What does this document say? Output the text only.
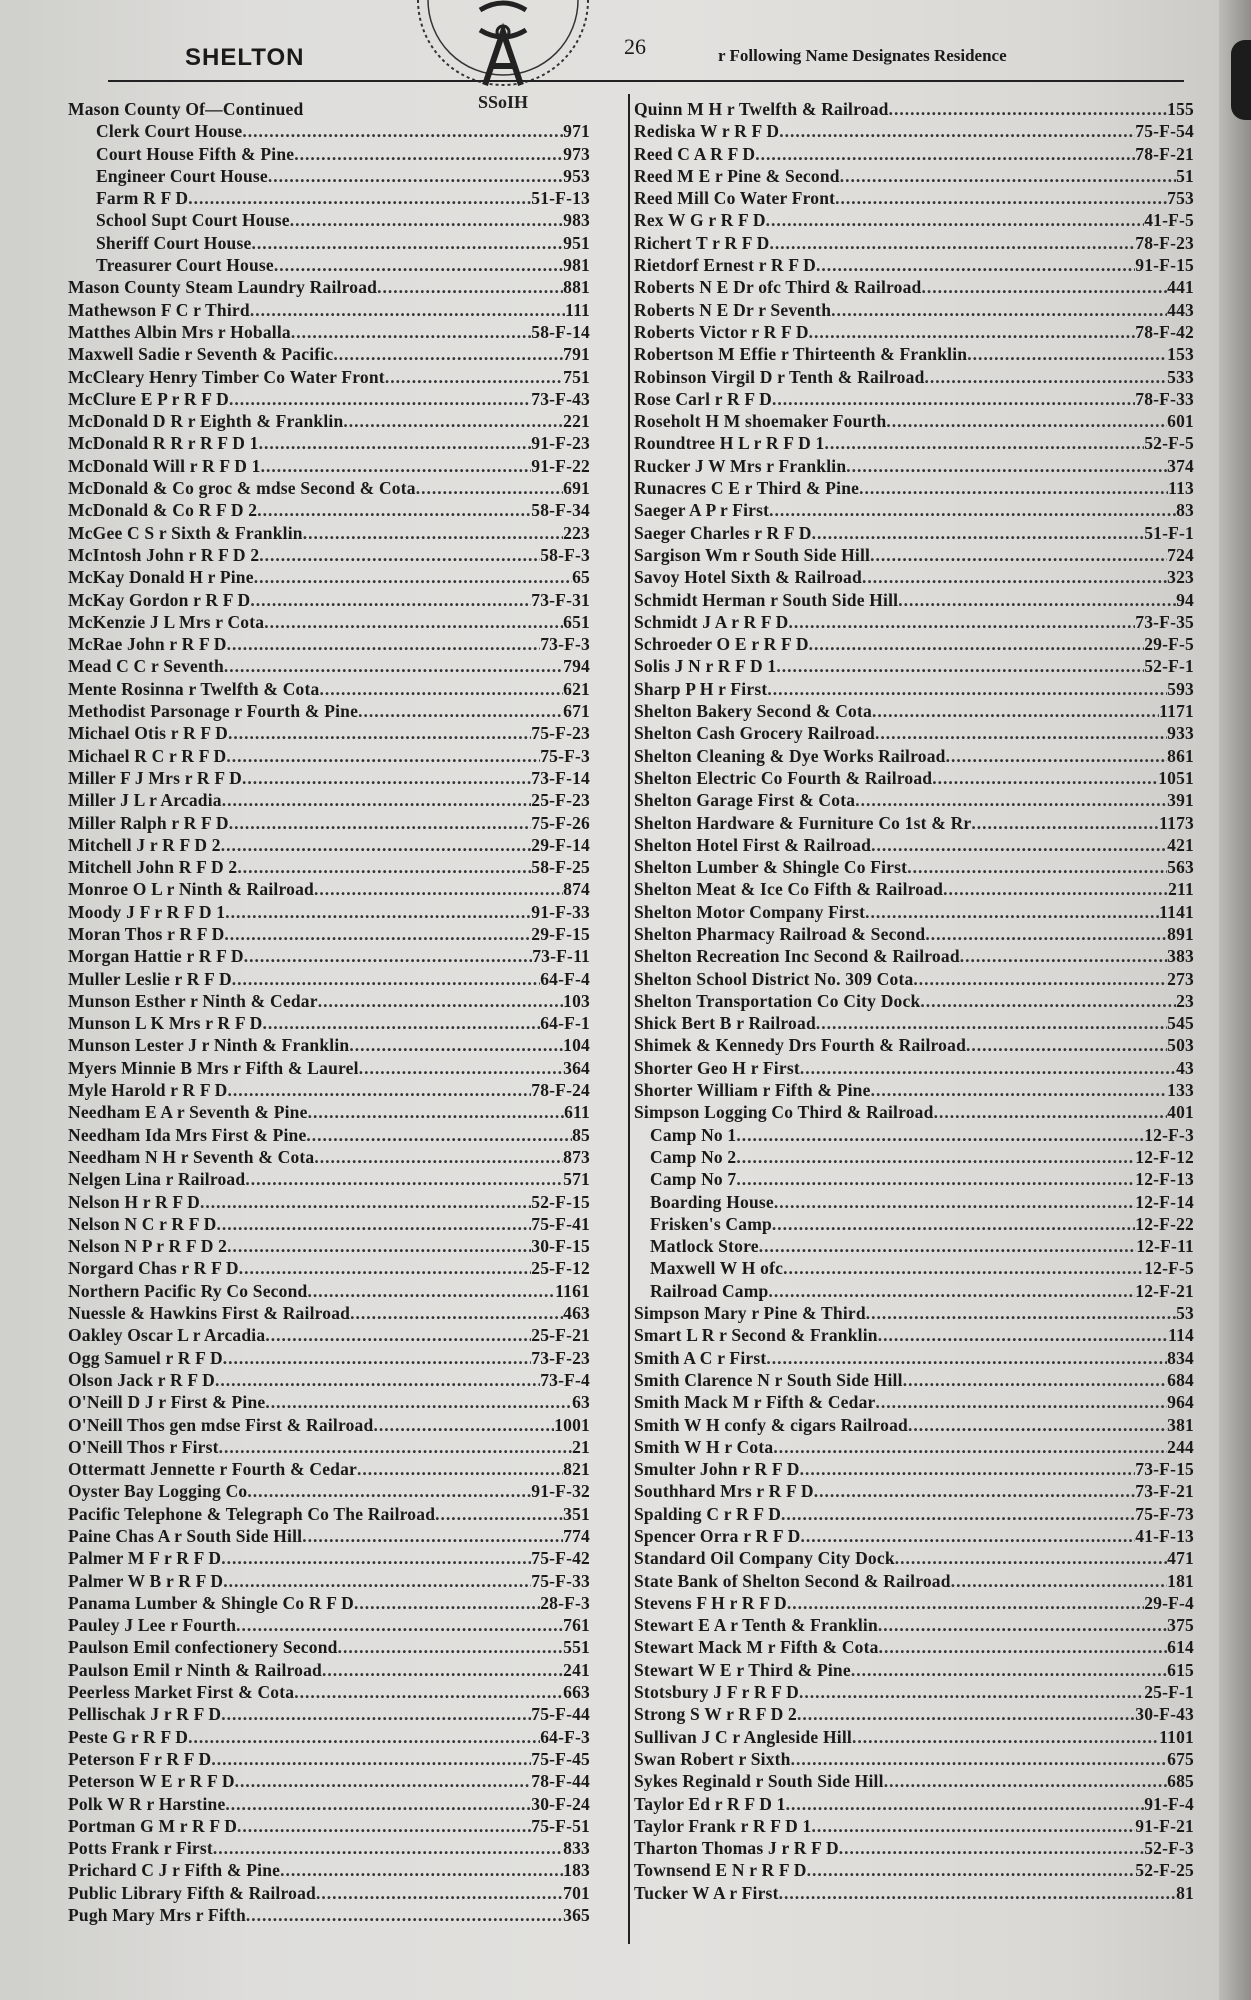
SHELTON
SSoIH
26	r Following Name Designates Residence
Mason County Of—Continued
Clerk Court House .....	971
Court House Fifth & Pine .....	973
Engineer Court House .....	953
Farm R F D .....	51-F-13
School Supt Court House .....	983
Sheriff Court House .....	951
Treasurer Court House .....	981
Mason County Steam Laundry Railroad .....	881
Mathewson F C r Third .....	111
Matthes Albin Mrs r Hoballa .....	58-F-14
Maxwell Sadie r Seventh & Pacific .....	791
McCleary Henry Timber Co Water Front .....	751
McClure E P r R F D .....	73-F-43
McDonald D R r Eighth & Franklin .....	221
McDonald R R r R F D 1 .....	91-F-23
McDonald Will r R F D 1 .....	91-F-22
McDonald & Co groc & mdse Second & Cota .....	691
McDonald & Co R F D 2 .....	58-F-34
McGee C S r Sixth & Franklin .....	223
McIntosh John r R F D 2 .....	58-F-3
McKay Donald H r Pine .....	65
McKay Gordon r R F D .....	73-F-31
McKenzie J L Mrs r Cota .....	651
McRae John r R F D .....	73-F-3
Mead C C r Seventh .....	794
Mente Rosinna r Twelfth & Cota .....	621
Methodist Parsonage r Fourth & Pine .....	671
Michael Otis r R F D .....	75-F-23
Michael R C r R F D .....	75-F-3
Miller F J Mrs r R F D .....	73-F-14
Miller J L r Arcadia .....	25-F-23
Miller Ralph r R F D .....	75-F-26
Mitchell J r R F D 2 .....	29-F-14
Mitchell John R F D 2 .....	58-F-25
Monroe O L r Ninth & Railroad .....	874
Moody J F r R F D 1 .....	91-F-33
Moran Thos r R F D .....	29-F-15
Morgan Hattie r R F D .....	73-F-11
Muller Leslie r R F D .....	64-F-4
Munson Esther r Ninth & Cedar .....	103
Munson L K Mrs r R F D .....	64-F-1
Munson Lester J r Ninth & Franklin .....	104
Myers Minnie B Mrs r Fifth & Laurel .....	364
Myle Harold r R F D .....	78-F-24
Needham E A r Seventh & Pine .....	611
Needham Ida Mrs First & Pine .....	85
Needham N H r Seventh & Cota .....	873
Nelgen Lina r Railroad .....	571
Nelson H r R F D .....	52-F-15
Nelson N C r R F D .....	75-F-41
Nelson N P r R F D 2 .....	30-F-15
Norgard Chas r R F D .....	25-F-12
Northern Pacific Ry Co Second .....	1161
Nuessle & Hawkins First & Railroad .....	463
Oakley Oscar L r Arcadia .....	25-F-21
Ogg Samuel r R F D .....	73-F-23
Olson Jack r R F D .....	73-F-4
O'Neill D J r First & Pine .....	63
O'Neill Thos gen mdse First & Railroad .....	1001
O'Neill Thos r First .....	21
Ottermatt Jennette r Fourth & Cedar .....	821
Oyster Bay Logging Co .....	91-F-32
Pacific Telephone & Telegraph Co The Railroad .....	351
Paine Chas A r South Side Hill .....	774
Palmer M F r R F D .....	75-F-42
Palmer W B r R F D .....	75-F-33
Panama Lumber & Shingle Co R F D .....	28-F-3
Pauley J Lee r Fourth .....	761
Paulson Emil confectionery Second .....	551
Paulson Emil r Ninth & Railroad .....	241
Peerless Market First & Cota .....	663
Pellischak J r R F D .....	75-F-44
Peste G r R F D .....	64-F-3
Peterson F r R F D .....	75-F-45
Peterson W E r R F D .....	78-F-44
Polk W R r Harstine .....	30-F-24
Portman G M r R F D .....	75-F-51
Potts Frank r First .....	833
Prichard C J r Fifth & Pine .....	183
Public Library Fifth & Railroad .....	701
Pugh Mary Mrs r Fifth .....	365
Quinn M H r Twelfth & Railroad .....	155
Rediska W r R F D .....	75-F-54
Reed C A R F D .....	78-F-21
Reed M E r Pine & Second .....	51
Reed Mill Co Water Front .....	753
Rex W G r R F D .....	41-F-5
Richert T r R F D .....	78-F-23
Rietdorf Ernest r R F D .....	91-F-15
Roberts N E Dr ofc Third & Railroad .....	441
Roberts N E Dr r Seventh .....	443
Roberts Victor r R F D .....	78-F-42
Robertson M Effie r Thirteenth & Franklin .....	153
Robinson Virgil D r Tenth & Railroad .....	533
Rose Carl r R F D .....	78-F-33
Roseholt H M shoemaker Fourth .....	601
Roundtree H L r R F D 1 .....	52-F-5
Rucker J W Mrs r Franklin .....	374
Runacres C E r Third & Pine .....	113
Saeger A P r First .....	83
Saeger Charles r R F D .....	51-F-1
Sargison Wm r South Side Hill .....	724
Savoy Hotel Sixth & Railroad .....	323
Schmidt Herman r South Side Hill .....	94
Schmidt J A r R F D .....	73-F-35
Schroeder O E r R F D .....	29-F-5
Solis J N r R F D 1 .....	52-F-1
Sharp P H r First .....	593
Shelton Bakery Second & Cota .....	1171
Shelton Cash Grocery Railroad .....	933
Shelton Cleaning & Dye Works Railroad .....	861
Shelton Electric Co Fourth & Railroad .....	1051
Shelton Garage First & Cota .....	391
Shelton Hardware & Furniture Co 1st & Rr .....	1173
Shelton Hotel First & Railroad .....	421
Shelton Lumber & Shingle Co First .....	563
Shelton Meat & Ice Co Fifth & Railroad .....	211
Shelton Motor Company First .....	1141
Shelton Pharmacy Railroad & Second .....	891
Shelton Recreation Inc Second & Railroad .....	383
Shelton School District No. 309 Cota .....	273
Shelton Transportation Co City Dock .....	23
Shick Bert B r Railroad .....	545
Shimek & Kennedy Drs Fourth & Railroad .....	503
Shorter Geo H r First .....	43
Shorter William r Fifth & Pine .....	133
Simpson Logging Co Third & Railroad .....	401
Camp No 1 .....	12-F-3
Camp No 2 .....	12-F-12
Camp No 7 .....	12-F-13
Boarding House .....	12-F-14
Frisken's Camp .....	12-F-22
Matlock Store .....	12-F-11
Maxwell W H ofc .....	12-F-5
Railroad Camp .....	12-F-21
Simpson Mary r Pine & Third .....	53
Smart L R r Second & Franklin .....	114
Smith A C r First .....	834
Smith Clarence N r South Side Hill .....	684
Smith Mack M r Fifth & Cedar .....	964
Smith W H confy & cigars Railroad .....	381
Smith W H r Cota .....	244
Smulter John r R F D .....	73-F-15
Southhard Mrs r R F D .....	73-F-21
Spalding C r R F D .....	75-F-73
Spencer Orra r R F D .....	41-F-13
Standard Oil Company City Dock .....	471
State Bank of Shelton Second & Railroad .....	181
Stevens F H r R F D .....	29-F-4
Stewart E A r Tenth & Franklin .....	375
Stewart Mack M r Fifth & Cota .....	614
Stewart W E r Third & Pine .....	615
Stotsbury J F r R F D .....	25-F-1
Strong S W r R F D 2 .....	30-F-43
Sullivan J C r Angleside Hill .....	1101
Swan Robert r Sixth .....	675
Sykes Reginald r South Side Hill .....	685
Taylor Ed r R F D 1 .....	91-F-4
Taylor Frank r R F D 1 .....	91-F-21
Tharton Thomas J r R F D .....	52-F-3
Townsend E N r R F D .....	52-F-25
Tucker W A r First .....	81
